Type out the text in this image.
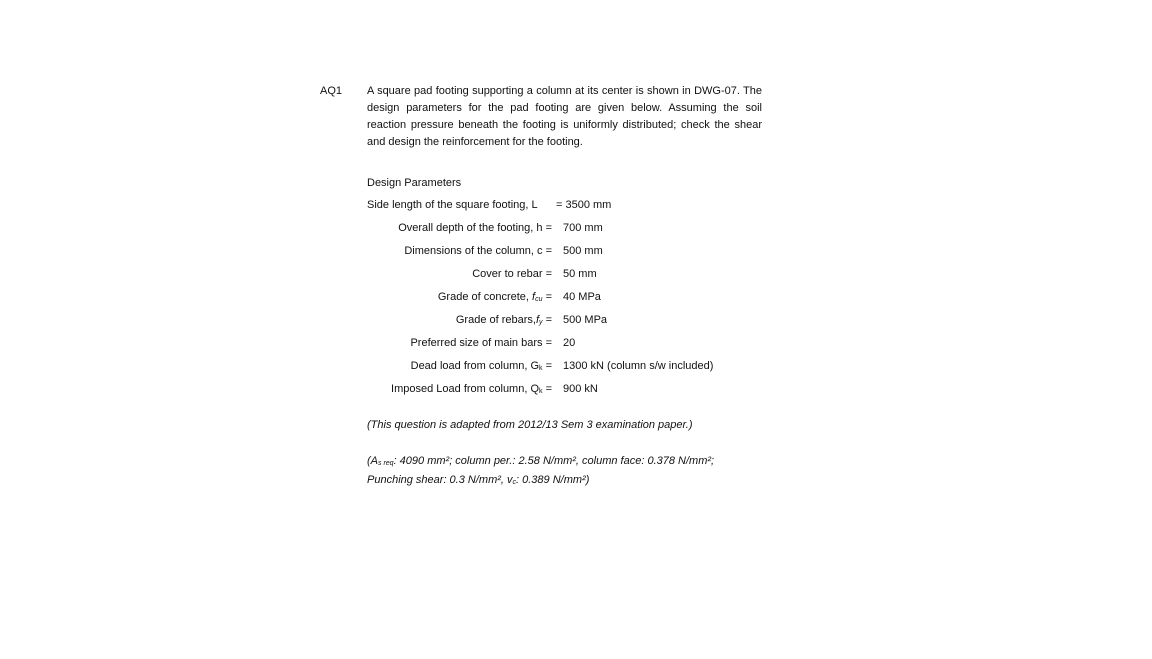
AQ1 A square pad footing supporting a column at its center is shown in DWG-07. The design parameters for the pad footing are given below. Assuming the soil reaction pressure beneath the footing is uniformly distributed; check the shear and design the reinforcement for the footing.
Design Parameters
Side length of the square footing, L = 3500 mm
Overall depth of the footing, h = 700 mm
Dimensions of the column, c = 500 mm
Cover to rebar = 50 mm
Grade of concrete, fcu = 40 MPa
Grade of rebars,fy = 500 MPa
Preferred size of main bars = 20
Dead load from column, Gk = 1300 kN (column s/w included)
Imposed Load from column, Qk = 900 kN
(This question is adapted from 2012/13 Sem 3 examination paper.)
(As req: 4090 mm²; column per.: 2.58 N/mm², column face: 0.378 N/mm²;
Punching shear: 0.3 N/mm², vc: 0.389 N/mm²)
